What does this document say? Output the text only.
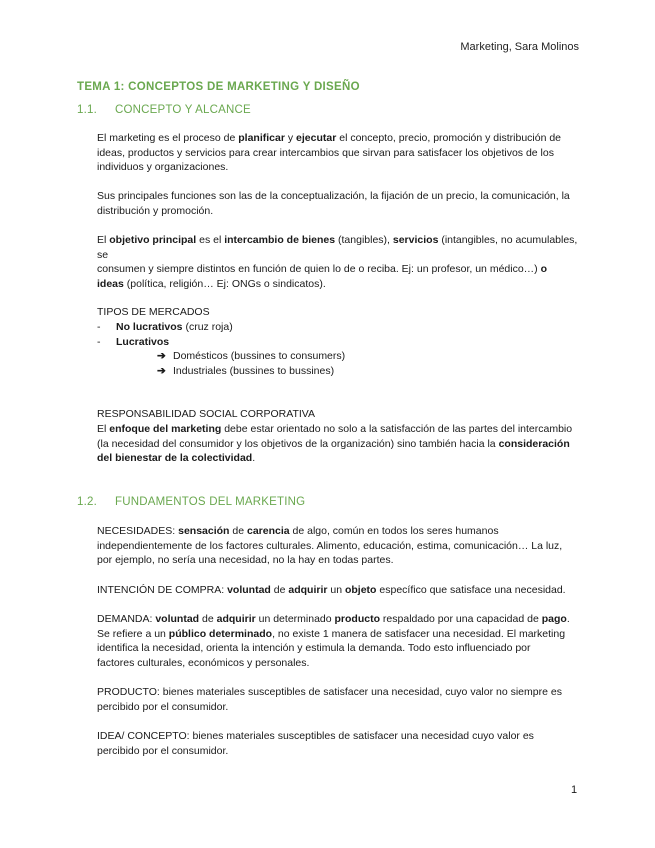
Marketing, Sara Molinos
TEMA 1: CONCEPTOS DE MARKETING Y DISEÑO
1.1. CONCEPTO Y ALCANCE
El marketing es el proceso de planificar y ejecutar el concepto, precio, promoción y distribución de
ideas, productos y servicios para crear intercambios que sirvan para satisfacer los objetivos de los
individuos y organizaciones.
Sus principales funciones son las de la conceptualización, la fijación de un precio, la comunicación, la
distribución y promoción.
El objetivo principal es el intercambio de bienes (tangibles), servicios (intangibles, no acumulables, se
consumen y siempre distintos en función de quien lo de o reciba. Ej: un profesor, un médico…) o
ideas (política, religión… Ej: ONGs o sindicatos).
TIPOS DE MERCADOS
- No lucrativos (cruz roja)
- Lucrativos
➔ Domésticos (bussines to consumers)
➔ Industriales (bussines to bussines)
RESPONSABILIDAD SOCIAL CORPORATIVA
El enfoque del marketing debe estar orientado no solo a la satisfacción de las partes del intercambio
(la necesidad del consumidor y los objetivos de la organización) sino también hacia la consideración
del bienestar de la colectividad.
1.2. FUNDAMENTOS DEL MARKETING
NECESIDADES: sensación de carencia de algo, común en todos los seres humanos
independientemente de los factores culturales. Alimento, educación, estima, comunicación… La luz,
por ejemplo, no sería una necesidad, no la hay en todas partes.
INTENCIÓN DE COMPRA: voluntad de adquirir un objeto específico que satisface una necesidad.
DEMANDA: voluntad de adquirir un determinado producto respaldado por una capacidad de pago.
Se refiere a un público determinado, no existe 1 manera de satisfacer una necesidad. El marketing
identifica la necesidad, orienta la intención y estimula la demanda. Todo esto influenciado por
factores culturales, económicos y personales.
PRODUCTO: bienes materiales susceptibles de satisfacer una necesidad, cuyo valor no siempre es
percibido por el consumidor.
IDEA/ CONCEPTO: bienes materiales susceptibles de satisfacer una necesidad cuyo valor es
percibido por el consumidor.
1
